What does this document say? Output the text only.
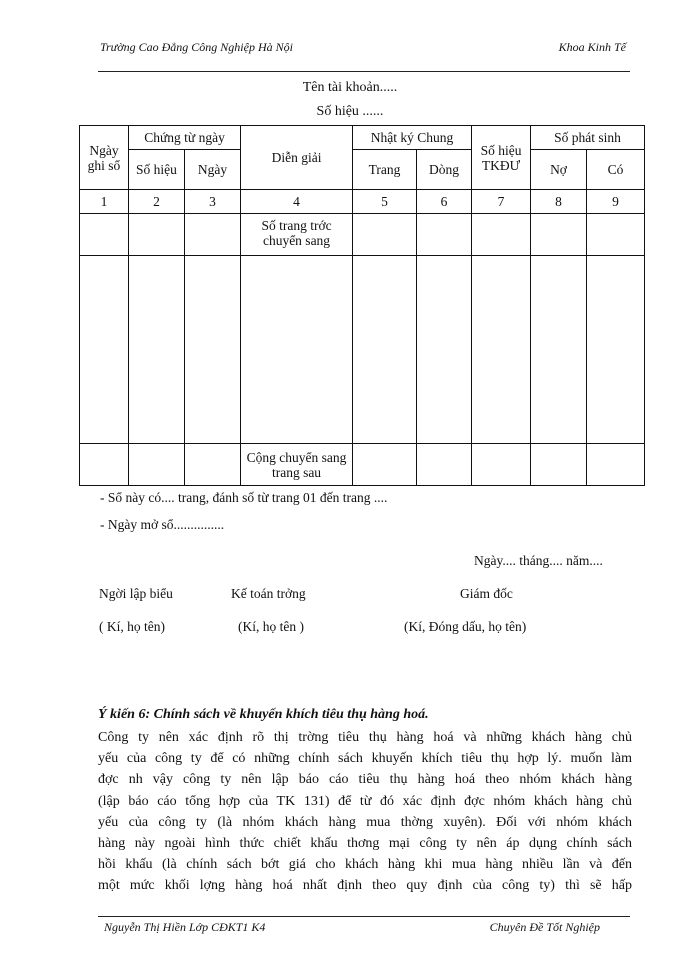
Trường Cao Đẳng Công Nghiệp Hà Nội	Khoa Kinh Tế
Tên tài khoản.....
Số hiệu ......
Ngày ghi sổ	Chứng từ ngày		Diễn giải	Nhật ký Chung		Số hiệu TKĐƯ	Số phát sinh	
	Số hiệu	Ngày		Trang	Dòng		Nợ	Có
1	2	3	4	5	6	7	8	9
			Số trang trớc chuyển sang					

			Cộng chuyển sang trang sau					
- Sổ này có.... trang, đánh số từ trang 01 đến trang ....
- Ngày mở sổ...............
Ngày.... tháng.... năm....
Ngời lập biểu	Kế toán trởng	Giám đốc
( Kí, họ tên)	(Kí, họ tên )	(Kí, Đóng dấu, họ tên)
Ý kiến 6: Chính sách về khuyến khích tiêu thụ hàng hoá.
Công ty nên xác định rõ thị trờng tiêu thụ hàng hoá và những khách hàng chủ
yếu của công ty để có những chính sách khuyến khích tiêu thụ hợp lý. muốn làm
đợc nh vậy công ty nên lập báo cáo tiêu thụ hàng hoá theo nhóm khách hàng
(lập báo cáo tổng hợp của TK 131) để từ đó xác định đợc nhóm khách hàng chủ
yếu của công ty (là nhóm khách hàng mua thờng xuyên). Đối với nhóm khách
hàng này ngoài hình thức chiết khấu thơng mại công ty nên áp dụng chính sách
hồi khấu (là chính sách bớt giá cho khách hàng khi mua hàng nhiều lần và đến
một mức khối lợng hàng hoá nhất định theo quy định của công ty) thì sẽ hấp
Nguyễn Thị Hiền Lớp CĐKT1 K4	Chuyên Đề Tốt Nghiệp
